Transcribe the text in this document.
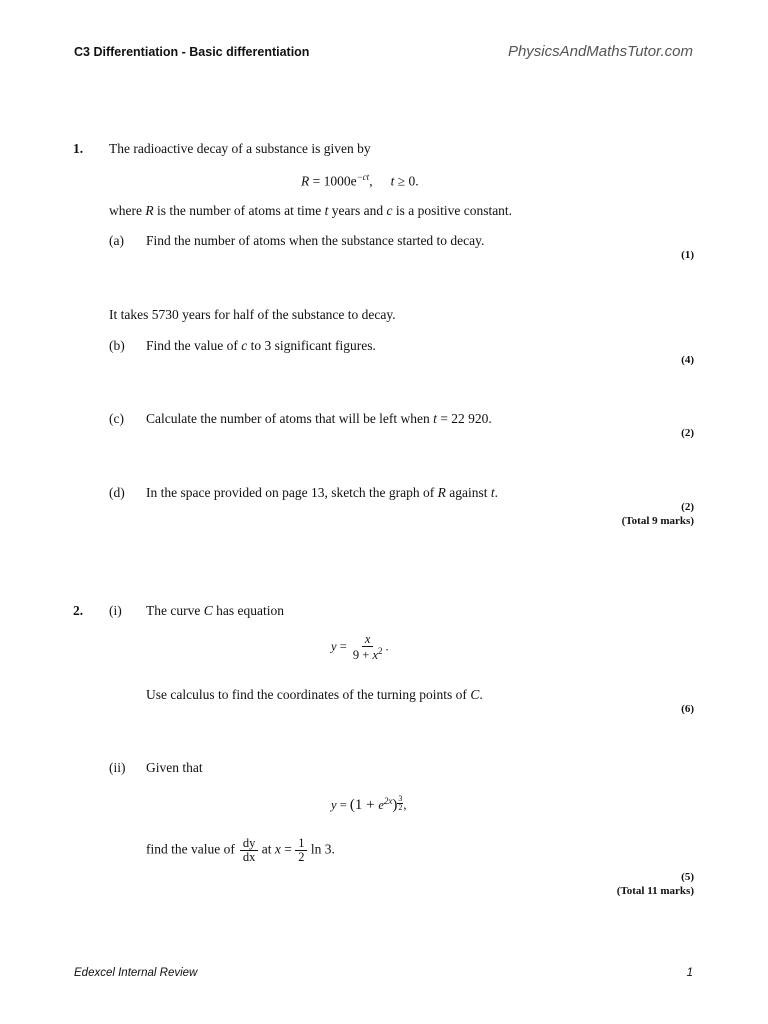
C3 Differentiation - Basic differentiation	PhysicsAndMathsTutor.com
1. The radioactive decay of a substance is given by
$R = 1000e^{-ct}$, t ≥ 0.
where R is the number of atoms at time t years and c is a positive constant.
(a) Find the number of atoms when the substance started to decay.
(1)
It takes 5730 years for half of the substance to decay.
(b) Find the value of c to 3 significant figures.
(4)
(c) Calculate the number of atoms that will be left when t = 22 920.
(2)
(d) In the space provided on page 13, sketch the graph of R against t.
(2)
(Total 9 marks)
2. (i) The curve C has equation
$y = \frac{x}{9 + x^2}$ .
Use calculus to find the coordinates of the turning points of C.
(6)
(ii) Given that
$y = (1 + e^{2x}) \frac{3}{2}$ ,
find the value of $\frac{dy}{dx}$ at $x = \frac{1}{2}$ ln 3.
(5)
(Total 11 marks)
Edexcel Internal Review	1
